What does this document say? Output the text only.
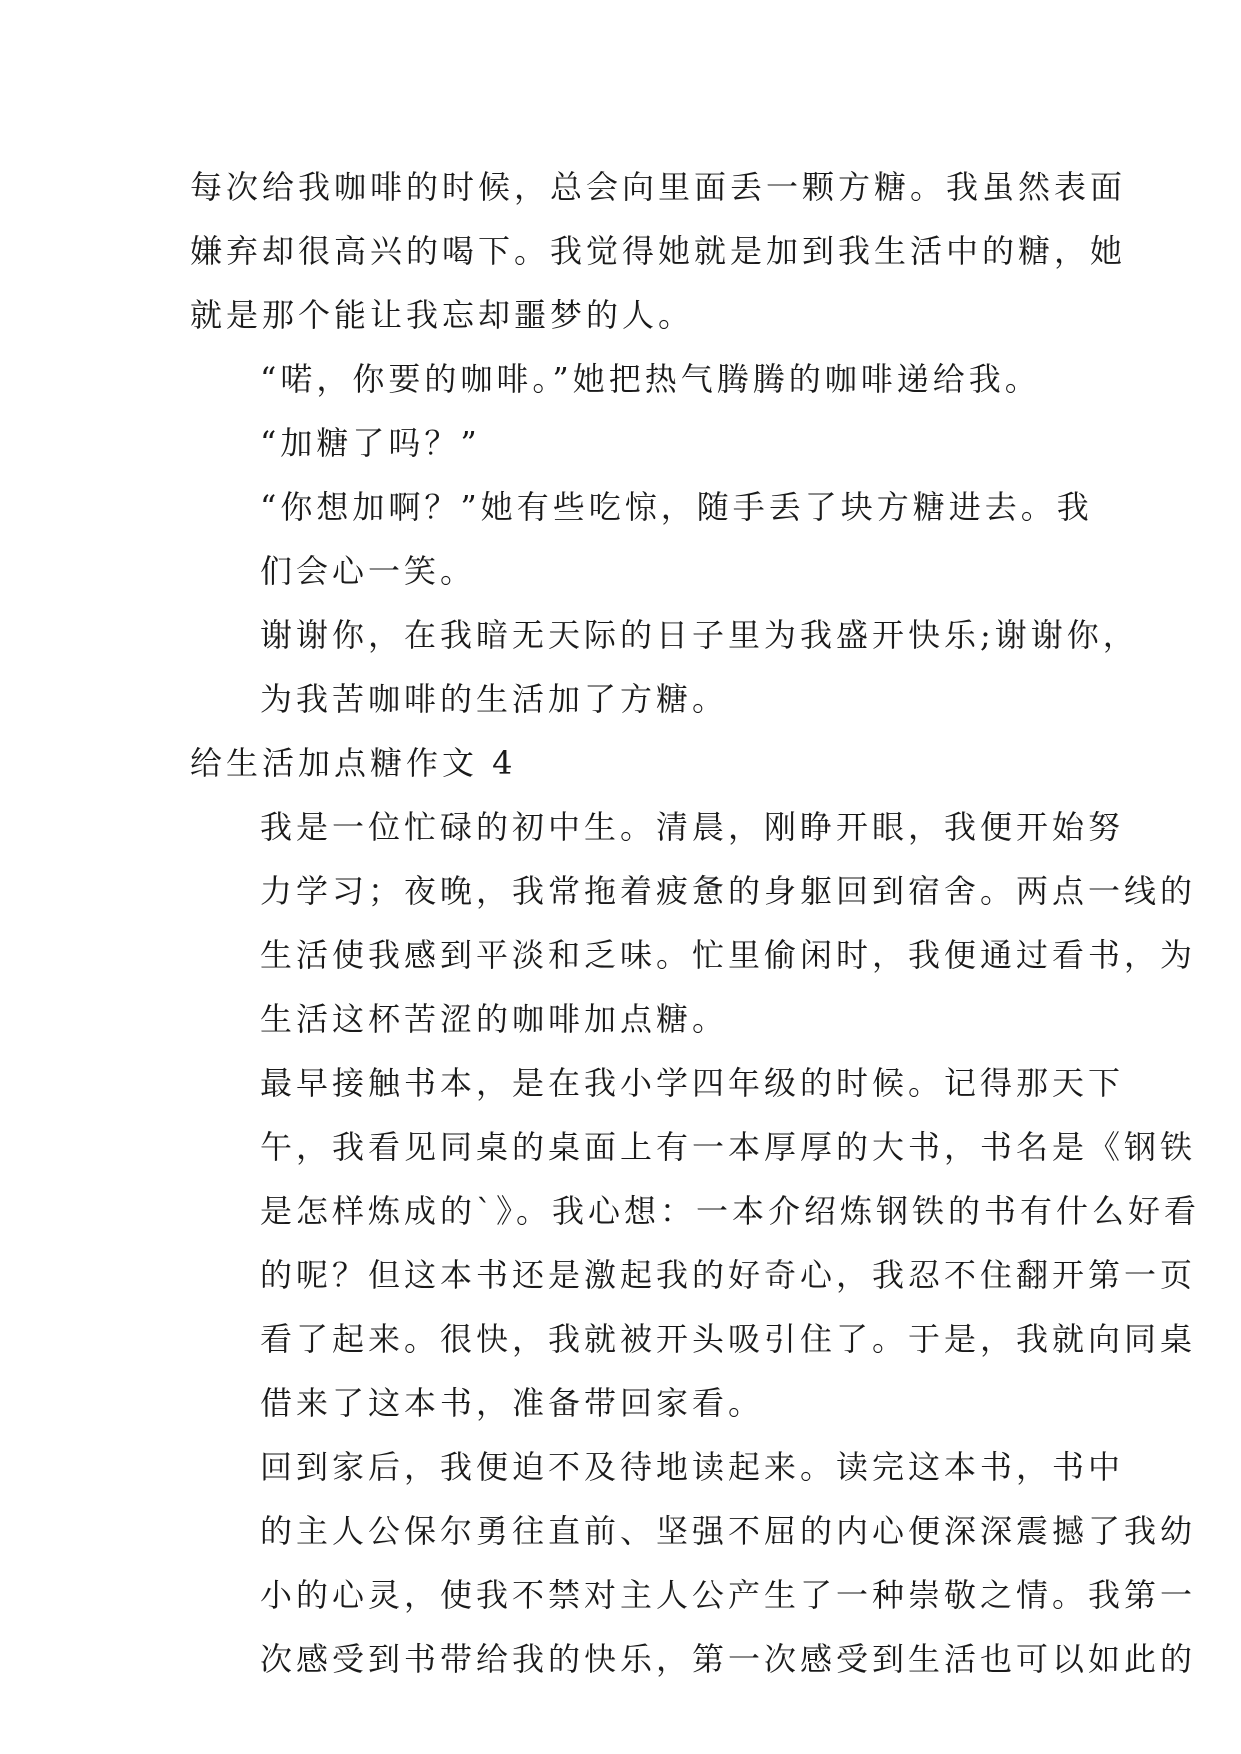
每次给我咖啡的时候，总会向里面丢一颗方糖。我虽然表面
嫌弃却很高兴的喝下。我觉得她就是加到我生活中的糖，她
就是那个能让我忘却噩梦的人。

“喏，你要的咖啡。”她把热气腾腾的咖啡递给我。

“加糖了吗？”

“你想加啊？”她有些吃惊，随手丢了块方糖进去。我
们会心一笑。

谢谢你，在我暗无天际的日子里为我盛开快乐;谢谢你，
为我苦咖啡的生活加了方糖。

给生活加点糖作文 4

我是一位忙碌的初中生。清晨，刚睁开眼，我便开始努
力学习；夜晚，我常拖着疲惫的身躯回到宿舍。两点一线的
生活使我感到平淡和乏味。忙里偷闲时，我便通过看书，为
生活这杯苦涩的咖啡加点糖。

最早接触书本，是在我小学四年级的时候。记得那天下
午，我看见同桌的桌面上有一本厚厚的大书，书名是《钢铁
是怎样炼成的`》。我心想：一本介绍炼钢铁的书有什么好看
的呢？但这本书还是激起我的好奇心，我忍不住翻开第一页
看了起来。很快，我就被开头吸引住了。于是，我就向同桌
借来了这本书，准备带回家看。

回到家后，我便迫不及待地读起来。读完这本书，书中
的主人公保尔勇往直前、坚强不屈的内心便深深震撼了我幼
小的心灵，使我不禁对主人公产生了一种崇敬之情。我第一
次感受到书带给我的快乐，第一次感受到生活也可以如此的
